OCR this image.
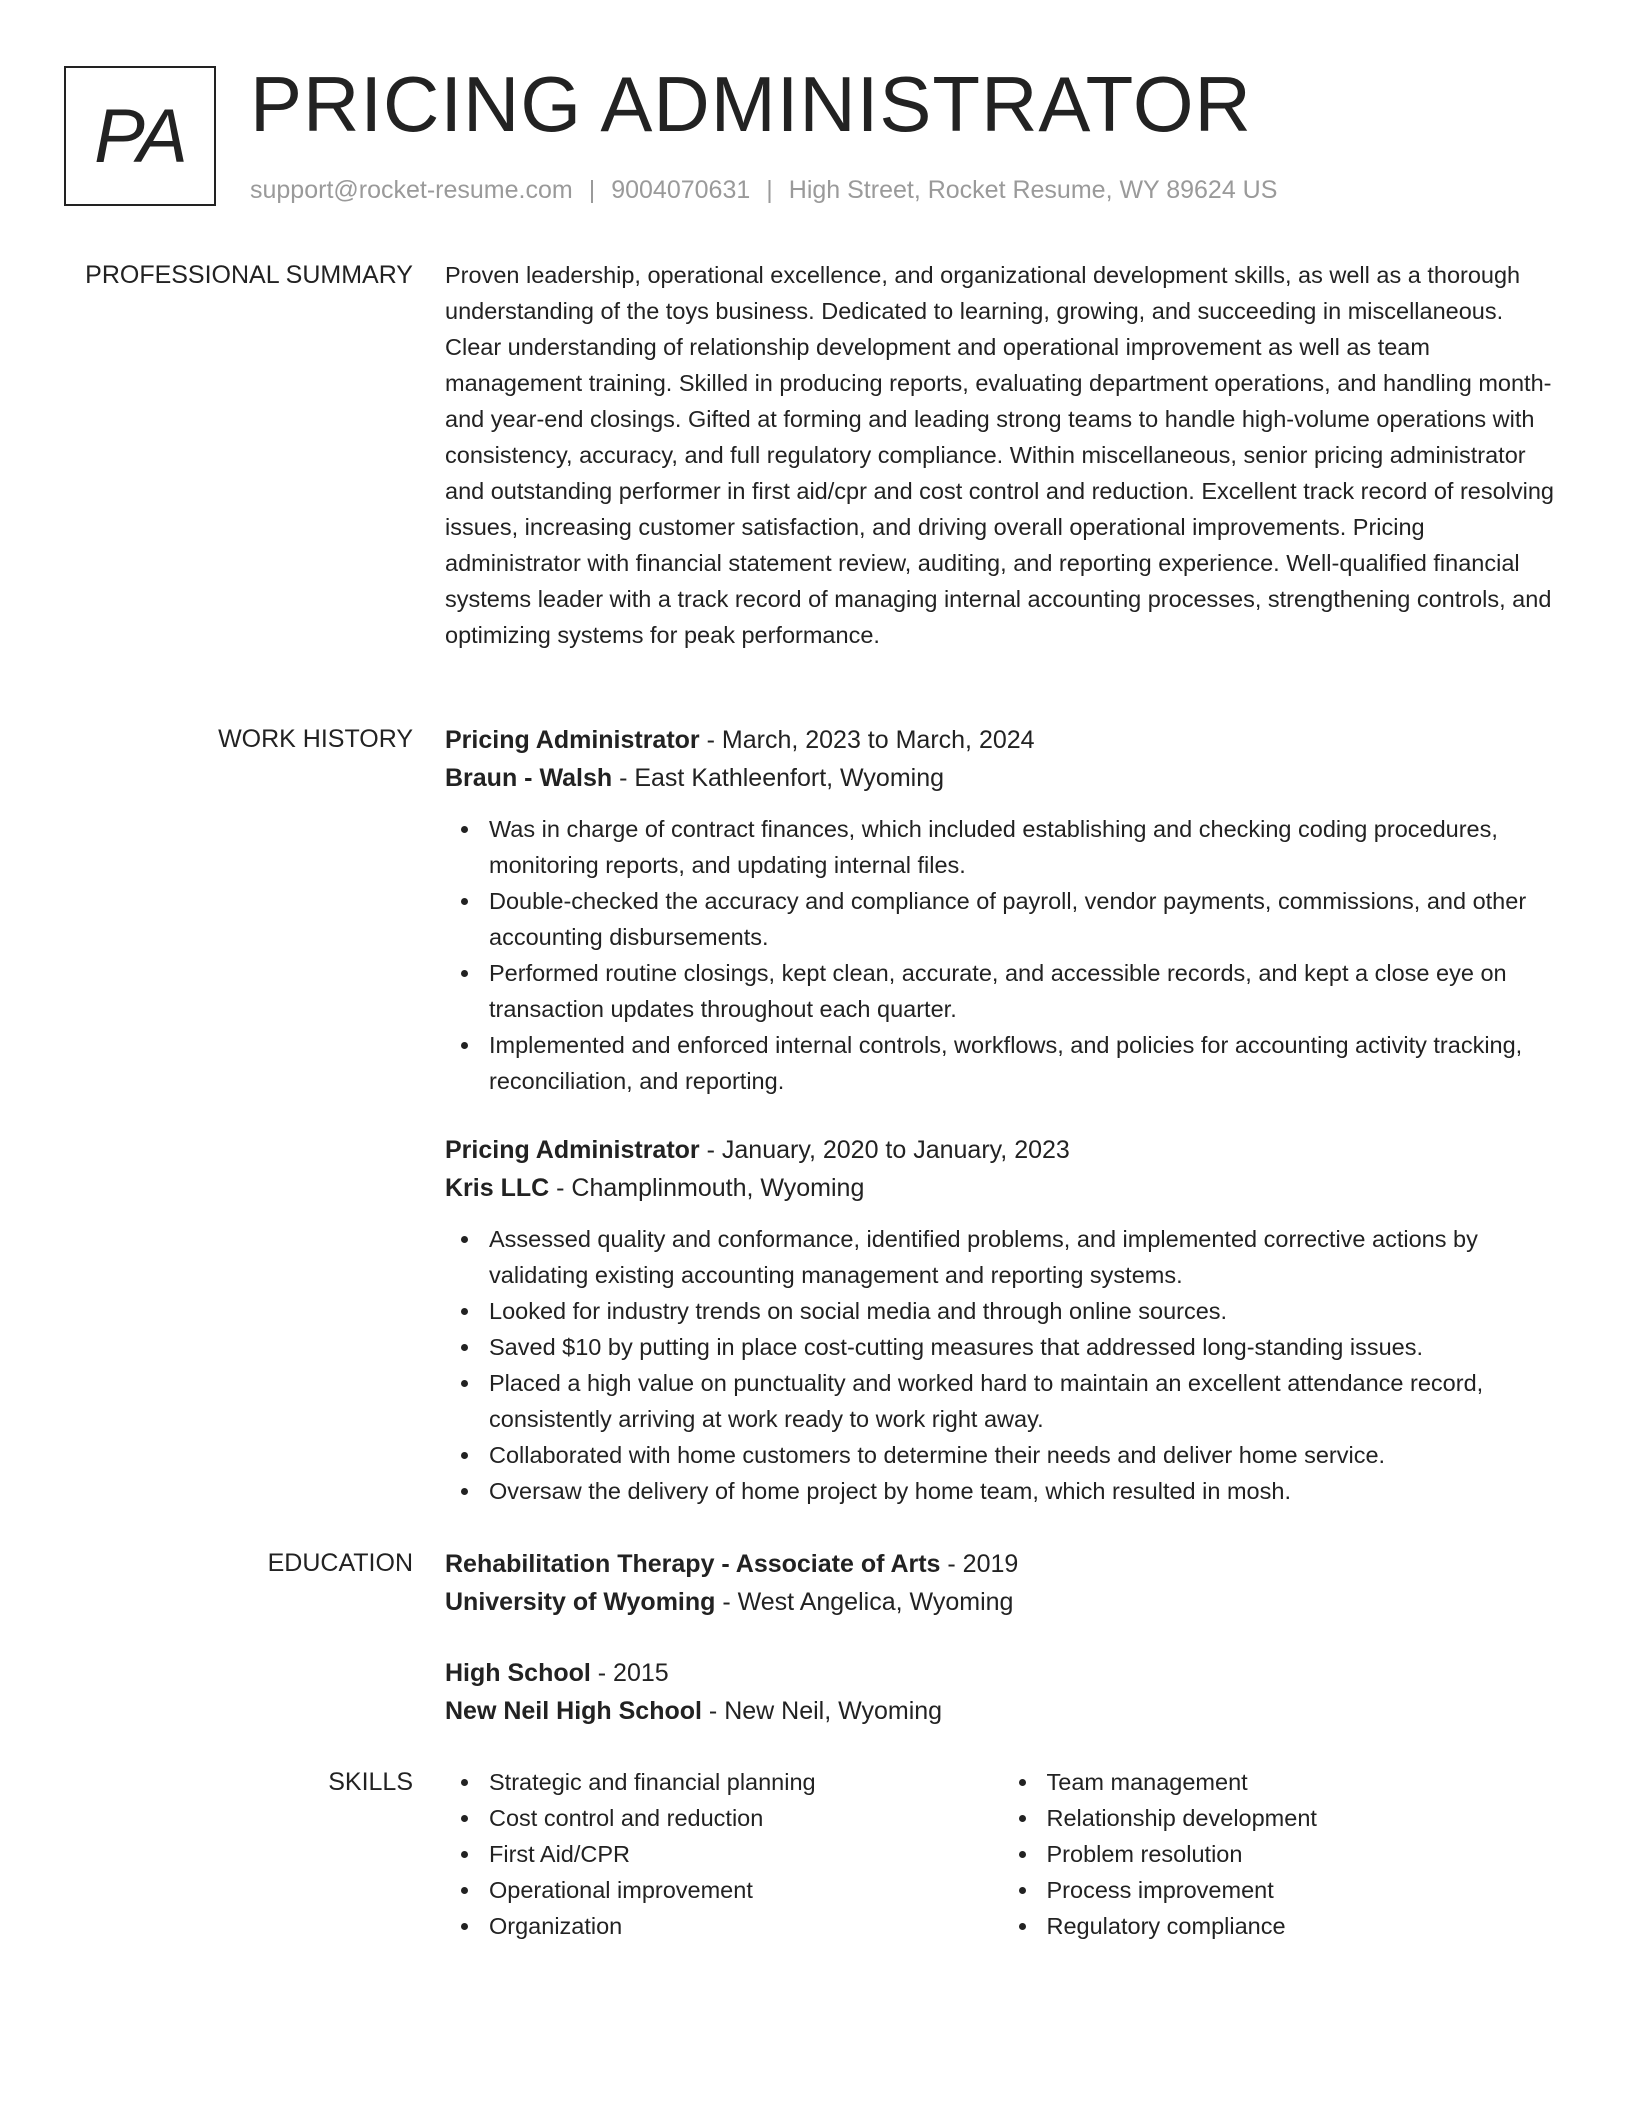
PA PRICING ADMINISTRATOR
support@rocket-resume.com | 9004070631 | High Street, Rocket Resume, WY 89624 US
PROFESSIONAL SUMMARY Proven leadership, operational excellence, and organizational development skills, as well as a thorough understanding of the toys business. Dedicated to learning, growing, and succeeding in miscellaneous. Clear understanding of relationship development and operational improvement as well as team management training. Skilled in producing reports, evaluating department operations, and handling month- and year-end closings. Gifted at forming and leading strong teams to handle high-volume operations with consistency, accuracy, and full regulatory compliance. Within miscellaneous, senior pricing administrator and outstanding performer in first aid/cpr and cost control and reduction. Excellent track record of resolving issues, increasing customer satisfaction, and driving overall operational improvements. Pricing administrator with financial statement review, auditing, and reporting experience. Well-qualified financial systems leader with a track record of managing internal accounting processes, strengthening controls, and optimizing systems for peak performance.

WORK HISTORY Pricing Administrator - March, 2023 to March, 2024
Braun - Walsh - East Kathleenfort, Wyoming
Was in charge of contract finances, which included establishing and checking coding procedures, monitoring reports, and updating internal files.
Double-checked the accuracy and compliance of payroll, vendor payments, commissions, and other accounting disbursements.
Performed routine closings, kept clean, accurate, and accessible records, and kept a close eye on transaction updates throughout each quarter.
Implemented and enforced internal controls, workflows, and policies for accounting activity tracking, reconciliation, and reporting.
Pricing Administrator - January, 2020 to January, 2023
Kris LLC - Champlinmouth, Wyoming
Assessed quality and conformance, identified problems, and implemented corrective actions by validating existing accounting management and reporting systems.
Looked for industry trends on social media and through online sources.
Saved $10 by putting in place cost-cutting measures that addressed long-standing issues.
Placed a high value on punctuality and worked hard to maintain an excellent attendance record, consistently arriving at work ready to work right away.
Collaborated with home customers to determine their needs and deliver home service.
Oversaw the delivery of home project by home team, which resulted in mosh.
EDUCATION Rehabilitation Therapy - Associate of Arts - 2019
University of Wyoming - West Angelica, Wyoming
High School - 2015
New Neil High School - New Neil, Wyoming
SKILLS	Strategic and financial planning
Cost control and reduction
First Aid/CPR
Operational improvement
Organization
Team management
Relationship development
Problem resolution
Process improvement
Regulatory compliance
